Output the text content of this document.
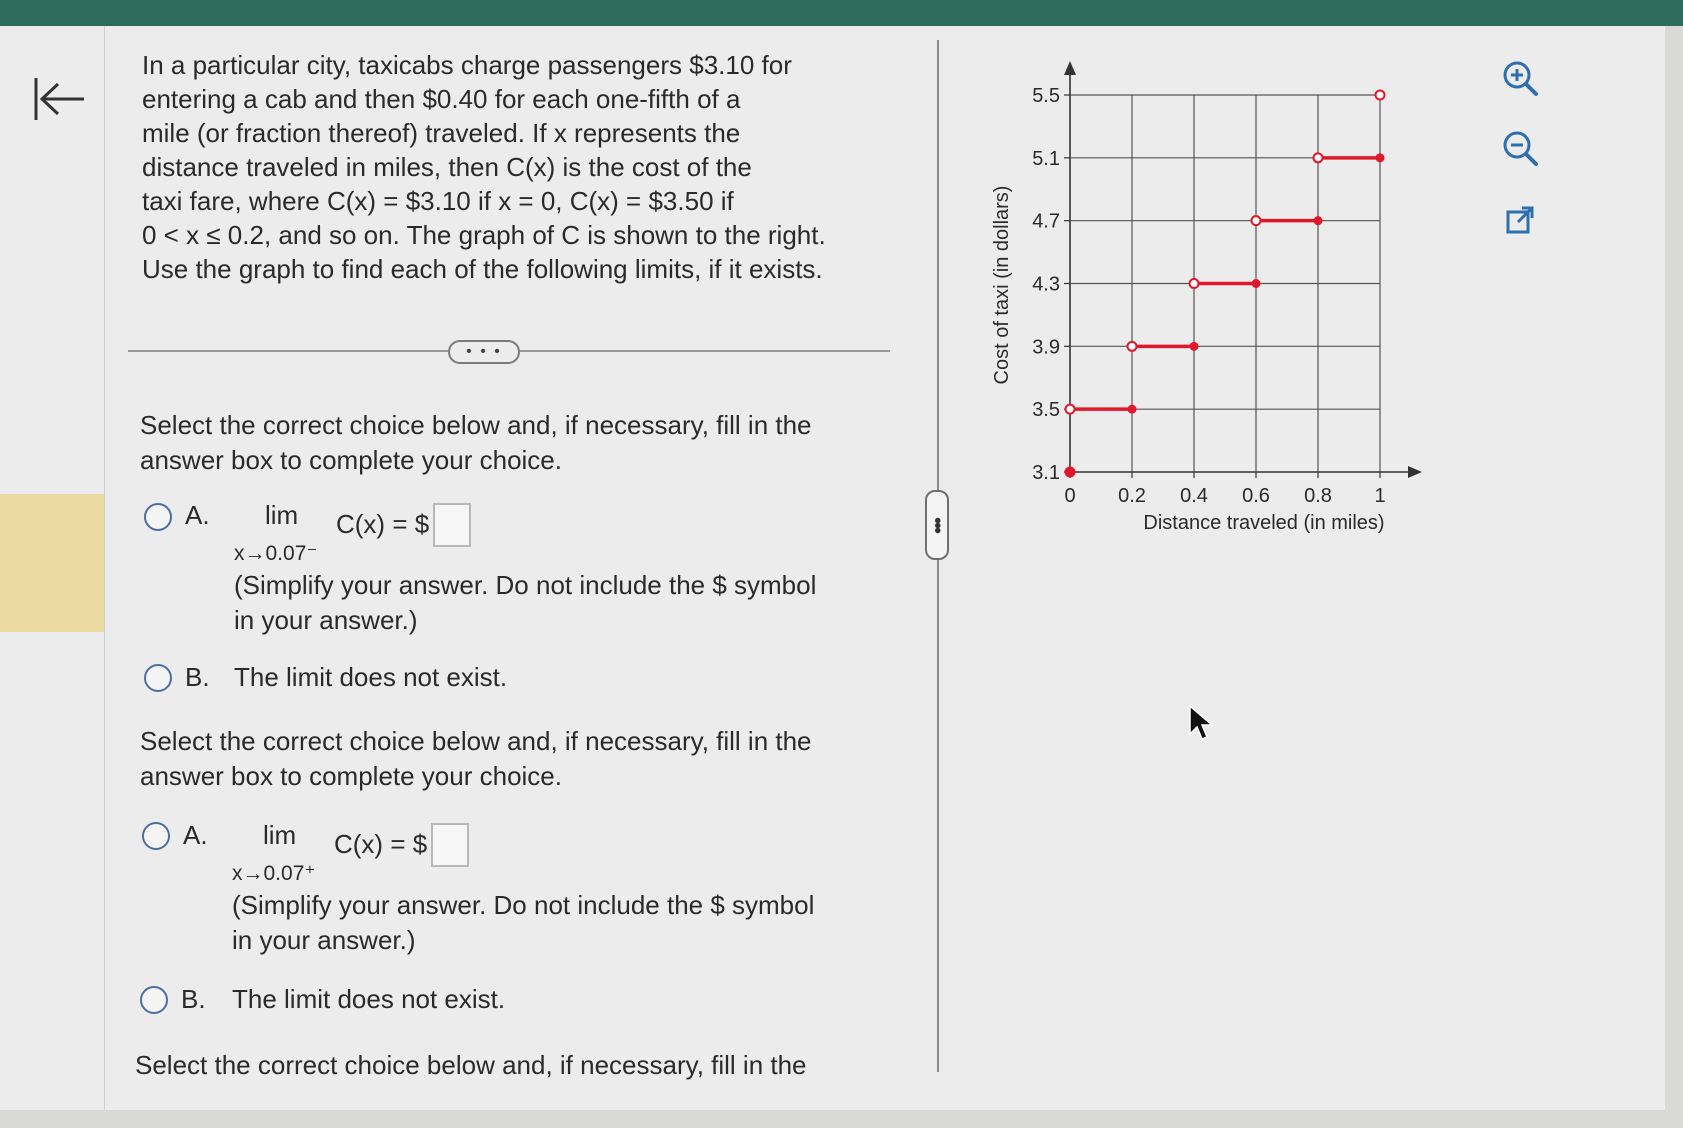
In a particular city, taxicabs charge passengers $3.10 for

entering a cab and then $0.40 for each one-fifth of a

mile (or fraction thereof) traveled. If x represents the

distance traveled in miles, then C(x) is the cost of the

taxi fare, where C(x) = $3.10 if x = 0, C(x) = $3.50 if

0 < x ≤ 0.2, and so on. The graph of C is shown to the right.

Use the graph to find each of the following limits, if it exists.

• • •
Select the correct choice below and, if necessary, fill in the
answer box to complete your choice.
A. lim
x→0.07⁻
C(x) = $
(Simplify your answer. Do not include the $ symbol
in your answer.)
B. The limit does not exist.
Select the correct choice below and, if necessary, fill in the
answer box to complete your choice.
A. lim
x→0.07⁺
C(x) = $
(Simplify your answer. Do not include the $ symbol
in your answer.)
B. The limit does not exist.
Select the correct choice below and, if necessary, fill in the
•••
0 0.2 0.4 0.6 0.8 1
3.1
3.5
3.9
4.3
4.7
5.1
5.5
Distance traveled (in miles)
Cost of taxi (in dollars)
